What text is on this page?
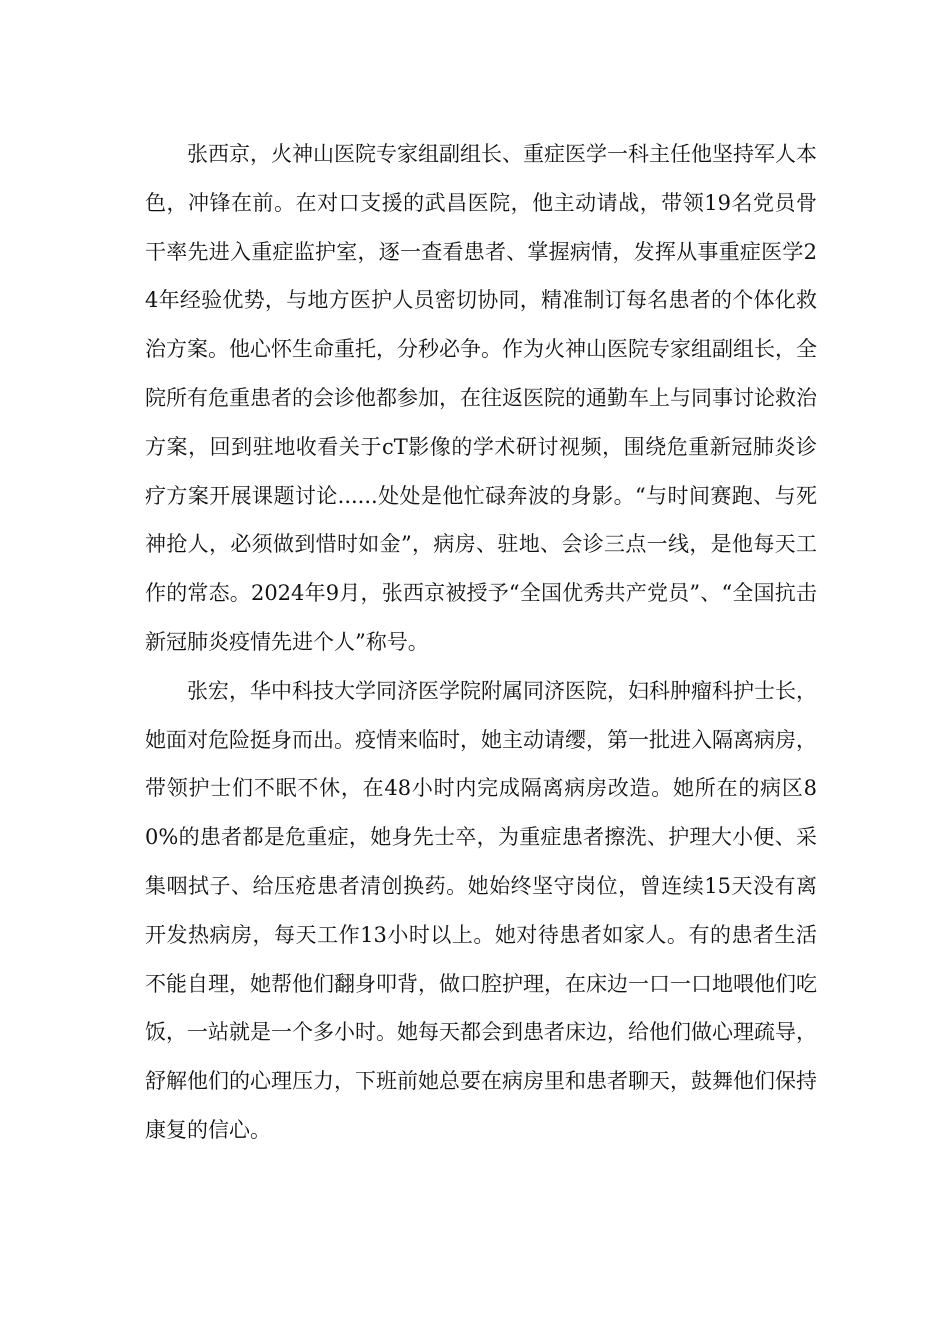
张西京，火神山医院专家组副组长、重症医学一科主任他坚持军人本色，冲锋在前。在对口支援的武昌医院，他主动请战，带领19名党员骨干率先进入重症监护室，逐一查看患者、掌握病情，发挥从事重症医学24年经验优势，与地方医护人员密切协同，精准制订每名患者的个体化救治方案。他心怀生命重托，分秒必争。作为火神山医院专家组副组长，全院所有危重患者的会诊他都参加，在往返医院的通勤车上与同事讨论救治方案，回到驻地收看关于cT影像的学术研讨视频，围绕危重新冠肺炎诊疗方案开展课题讨论......处处是他忙碌奔波的身影。“与时间赛跑、与死神抢人，必须做到惜时如金”，病房、驻地、会诊三点一线，是他每天工作的常态。2024年9月，张西京被授予“全国优秀共产党员”、“全国抗击新冠肺炎疫情先进个人”称号。

张宏，华中科技大学同济医学院附属同济医院，妇科肿瘤科护士长，她面对危险挺身而出。疫情来临时，她主动请缨，第一批进入隔离病房，带领护士们不眠不休，在48小时内完成隔离病房改造。她所在的病区80%的患者都是危重症，她身先士卒，为重症患者擦洗、护理大小便、采集咽拭子、给压疮患者清创换药。她始终坚守岗位，曾连续15天没有离开发热病房，每天工作13小时以上。她对待患者如家人。有的患者生活不能自理，她帮他们翻身叩背，做口腔护理，在床边一口一口地喂他们吃饭，一站就是一个多小时。她每天都会到患者床边，给他们做心理疏导，舒解他们的心理压力，下班前她总要在病房里和患者聊天，鼓舞他们保持康复的信心。
